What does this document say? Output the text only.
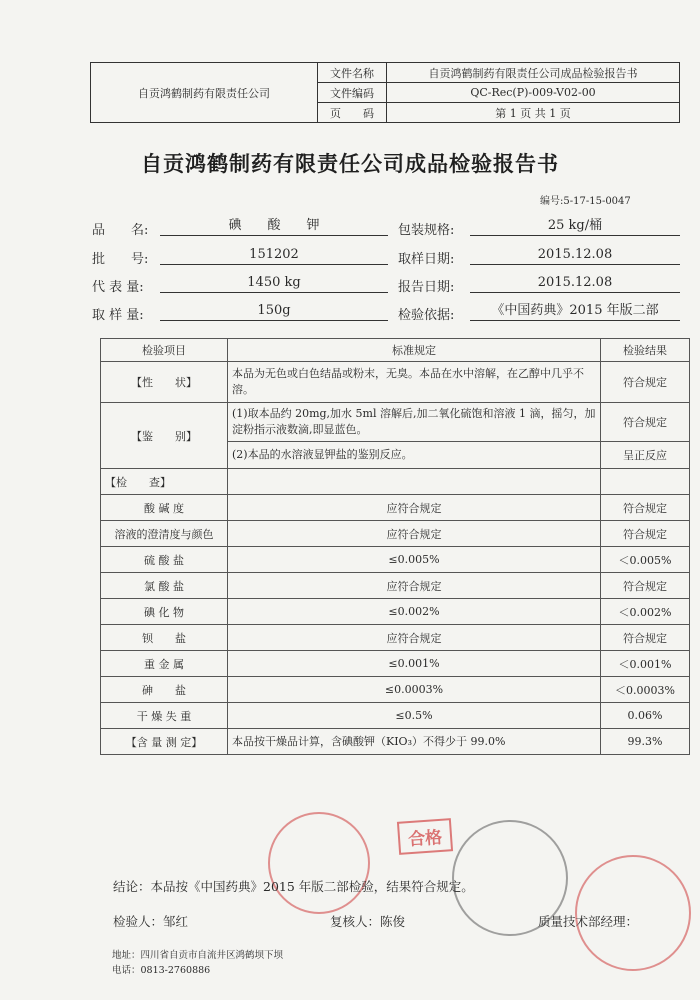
自贡鸿鹤制药有限责任公司	文件名称	自贡鸿鹤制药有限责任公司成品检验报告书
	文件编码	QC-Rec(P)-009-V02-00
	页　　码	第 1 页 共 1 页
自贡鸿鹤制药有限责任公司成品检验报告书
编号:5-17-15-0047
品　　名:	碘　　酸　　钾
批　　号:	151202
代 表 量:	1450 kg
取 样 量:	150g
包装规格:	25 kg/桶
取样日期:	2015.12.08
报告日期:	2015.12.08
检验依据:	《中国药典》2015 年版二部
检验项目	标准规定	检验结果
【性　　状】	本品为无色或白色结晶或粉末，无臭。本品在水中溶解，在乙醇中几乎不溶。	符合规定
【鉴　　别】	(1)取本品约 20mg,加水 5ml 溶解后,加二氧化硫饱和溶液 1 滴，摇匀，加淀粉指示液数滴,即显蓝色。	符合规定
	(2)本品的水溶液显钾盐的鉴别反应。	呈正反应
【检　　查】		
酸 碱 度	应符合规定	符合规定
溶液的澄清度与颜色	应符合规定	符合规定
硫 酸 盐	≤0.005%	＜0.005%
氯 酸 盐	应符合规定	符合规定
碘 化 物	≤0.002%	＜0.002%
钡　　盐	应符合规定	符合规定
重 金 属	≤0.001%	＜0.001%
砷　　盐	≤0.0003%	＜0.0003%
干 燥 失 重	≤0.5%	0.06%
【含 量 测 定】	本品按干燥品计算，含碘酸钾（KIO₃）不得少于 99.0%	99.3%
合格
结论：本品按《中国药典》2015 年版二部检验，结果符合规定。
检验人：邹红	复核人：陈俊	质量技术部经理：
地址：四川省自贡市自流井区鸿鹤坝下坝
电话：0813-2760886
